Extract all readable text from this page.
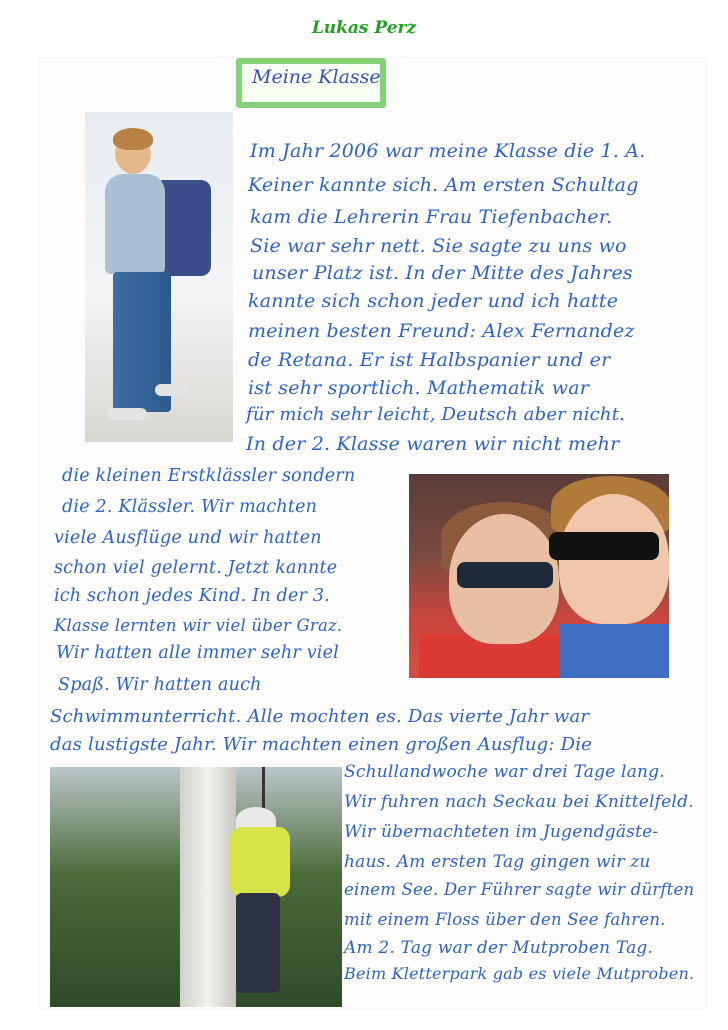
Lukas Perz
Meine Klasse
Im Jahr 2006 war meine Klasse die 1. A.
Keiner kannte sich. Am ersten Schultag
kam die Lehrerin Frau Tiefenbacher.
Sie war sehr nett. Sie sagte zu uns wo
unser Platz ist. In der Mitte des Jahres
kannte sich schon jeder und ich hatte
meinen besten Freund: Alex Fernandez
de Retana. Er ist Halbspanier und er
ist sehr sportlich. Mathematik war
für mich sehr leicht, Deutsch aber nicht.
In der 2. Klasse waren wir nicht mehr
die kleinen Erstklässler sondern
die 2. Klässler. Wir machten
viele Ausflüge und wir hatten
schon viel gelernt. Jetzt kannte
ich schon jedes Kind. In der 3.
Klasse lernten wir viel über Graz.
Wir hatten alle immer sehr viel
Spaß. Wir hatten auch
Schwimmunterricht. Alle mochten es. Das vierte Jahr war
das lustigste Jahr. Wir machten einen großen Ausflug: Die
Schullandwoche war drei Tage lang.
Wir fuhren nach Seckau bei Knittelfeld.
Wir übernachteten im Jugendgäste-
haus. Am ersten Tag gingen wir zu
einem See. Der Führer sagte wir dürften
mit einem Floss über den See fahren.
Am 2. Tag war der Mutproben Tag.
Beim Kletterpark gab es viele Mutproben.
